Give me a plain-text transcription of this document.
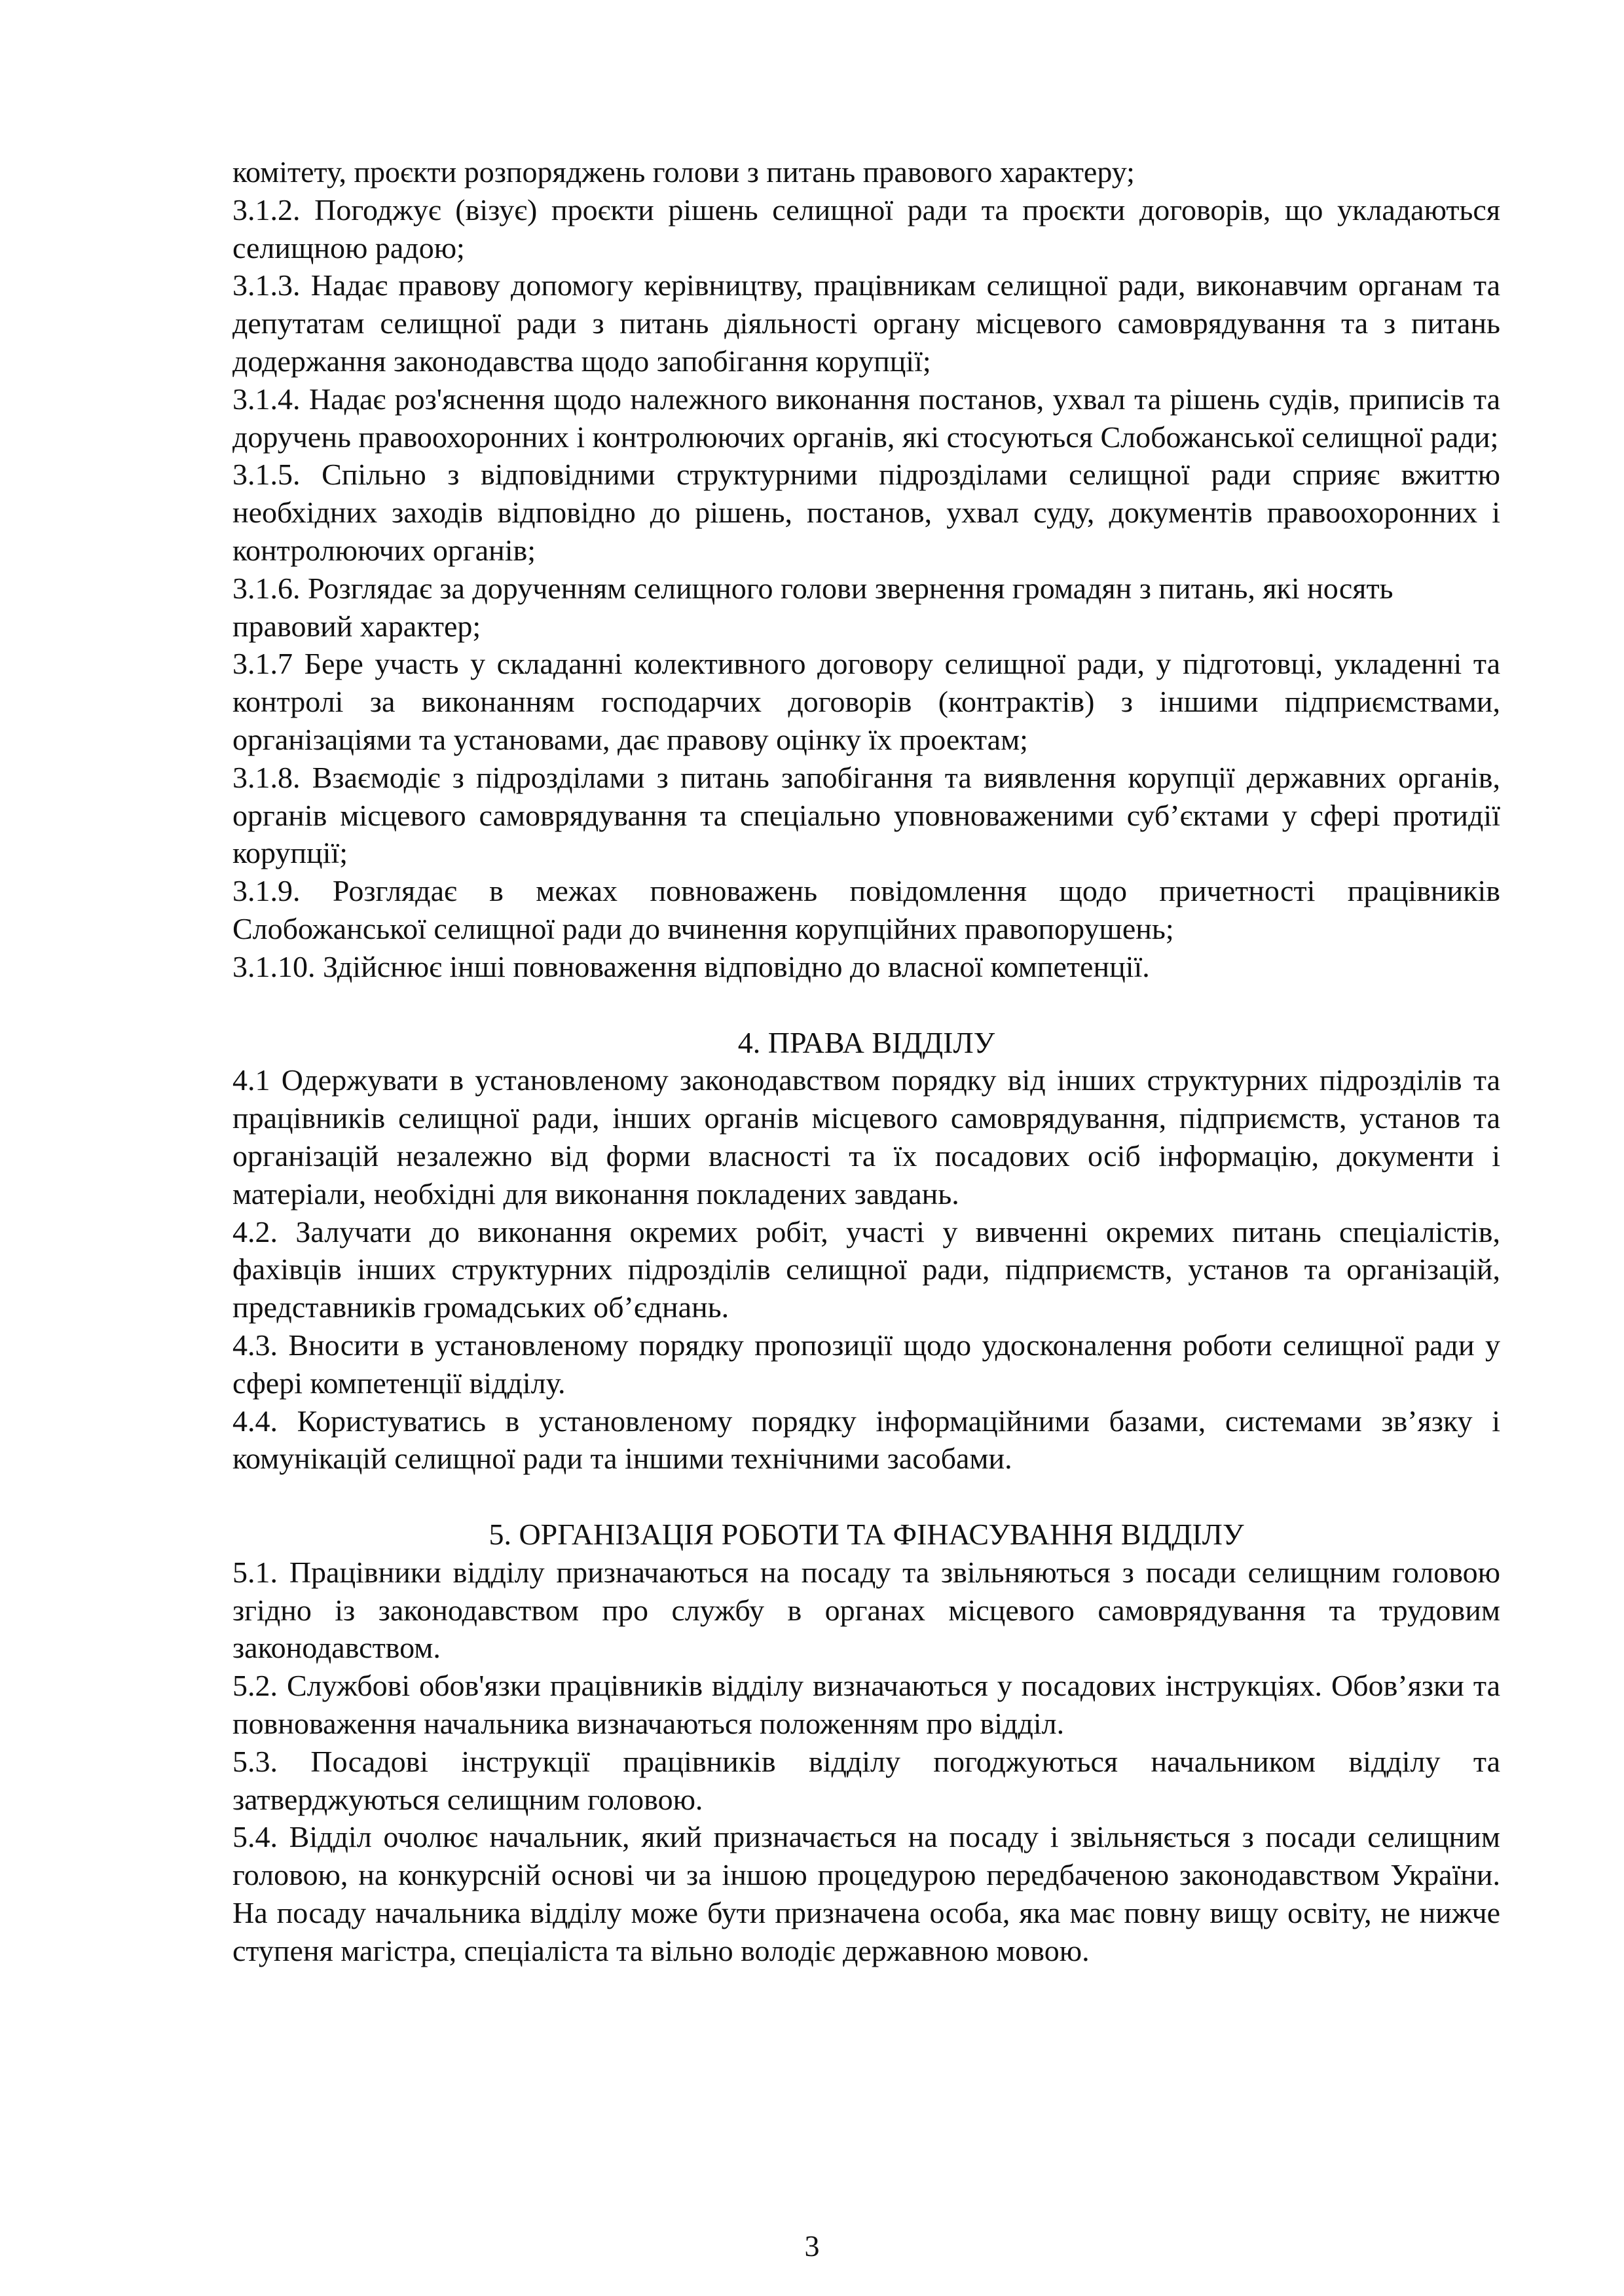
комітету, проєкти розпоряджень голови з питань правового характеру;

3.1.2. Погоджує (візує) проєкти рішень селищної ради та проєкти договорів, що укладаються селищною радою;

3.1.3. Надає правову допомогу керівництву, працівникам селищної ради, виконавчим органам та депутатам селищної ради з питань діяльності органу місцевого самоврядування та з питань додержання законодавства щодо запобігання корупції;

3.1.4. Надає роз'яснення щодо належного виконання постанов, ухвал та рішень судів, приписів та доручень правоохоронних і контролюючих органів, які стосуються Слобожанської селищної ради;

3.1.5. Спільно з відповідними структурними підрозділами селищної ради сприяє вжиттю необхідних заходів відповідно до рішень, постанов, ухвал суду, документів правоохоронних і контролюючих органів;

3.1.6. Розглядає за дорученням селищного голови звернення громадян з питань, які носять правовий характер;

3.1.7 Бере участь у складанні колективного договору селищної ради, у підготовці, укладенні та контролі за виконанням господарчих договорів (контрактів) з іншими підприємствами, організаціями та установами, дає правову оцінку їх проектам;

3.1.8. Взаємодіє з підрозділами з питань запобігання та виявлення корупції державних органів, органів місцевого самоврядування та спеціально уповноваженими суб’єктами у сфері протидії корупції;

3.1.9. Розглядає в межах повноважень повідомлення щодо причетності працівників Слобожанської селищної ради до вчинення корупційних правопорушень;

3.1.10. Здійснює інші повноваження відповідно до власної компетенції.

4. ПРАВА ВІДДІЛУ

4.1 Одержувати в установленому законодавством порядку від інших структурних підрозділів та працівників селищної ради, інших органів місцевого самоврядування, підприємств, установ та організацій незалежно від форми власності та їх посадових осіб інформацію, документи і матеріали, необхідні для виконання покладених завдань.

4.2. Залучати до виконання окремих робіт, участі у вивченні окремих питань спеціалістів, фахівців інших структурних підрозділів селищної ради, підприємств, установ та організацій, представників громадських об’єднань.

4.3. Вносити в установленому порядку пропозиції щодо удосконалення роботи селищної ради у сфері компетенції відділу.

4.4. Користуватись в установленому порядку інформаційними базами, системами зв’язку і комунікацій селищної ради та іншими технічними засобами.

5. ОРГАНІЗАЦІЯ РОБОТИ ТА ФІНАСУВАННЯ ВІДДІЛУ

5.1. Працівники відділу призначаються на посаду та звільняються з посади селищним головою згідно із законодавством про службу в органах місцевого самоврядування та трудовим законодавством.

5.2. Службові обов'язки працівників відділу визначаються у посадових інструкціях. Обов’язки та повноваження начальника визначаються положенням про відділ.

5.3. Посадові інструкції працівників відділу погоджуються начальником відділу та затверджуються селищним головою.

5.4. Відділ очолює начальник, який призначається на посаду і звільняється з посади селищним головою, на конкурсній основі чи за іншою процедурою передбаченою законодавством України. На посаду начальника відділу може бути призначена особа, яка має повну вищу освіту, не нижче ступеня магістра, спеціаліста та вільно володіє державною мовою.

3
